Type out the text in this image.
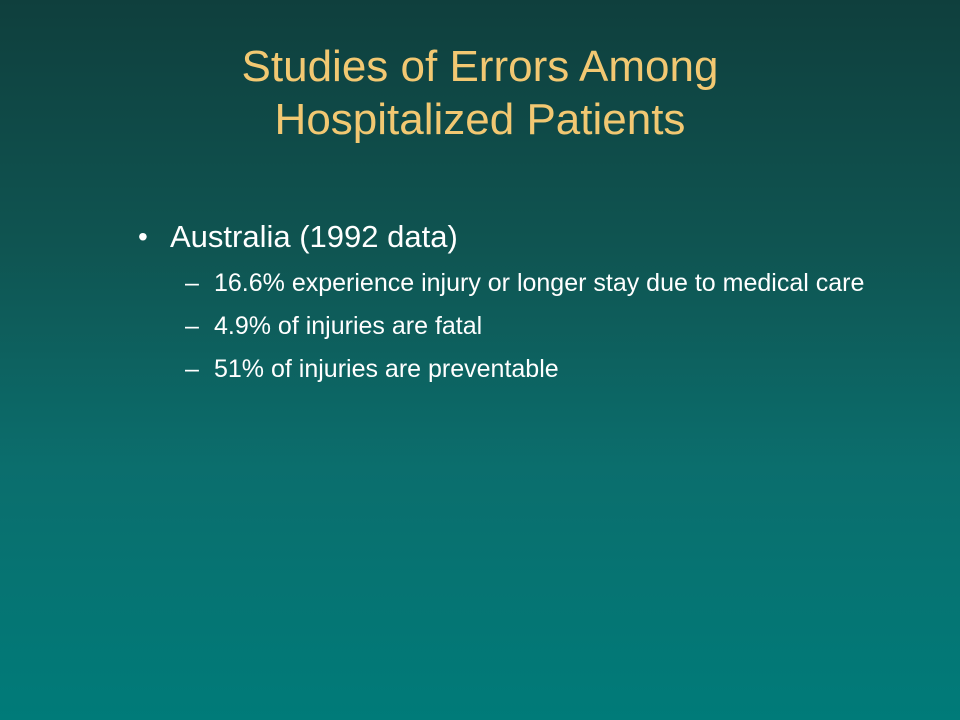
Studies of Errors Among
Hospitalized Patients
• Australia (1992 data)
– 16.6% experience injury or longer stay due to medical care
– 4.9% of injuries are fatal
– 51% of injuries are preventable
